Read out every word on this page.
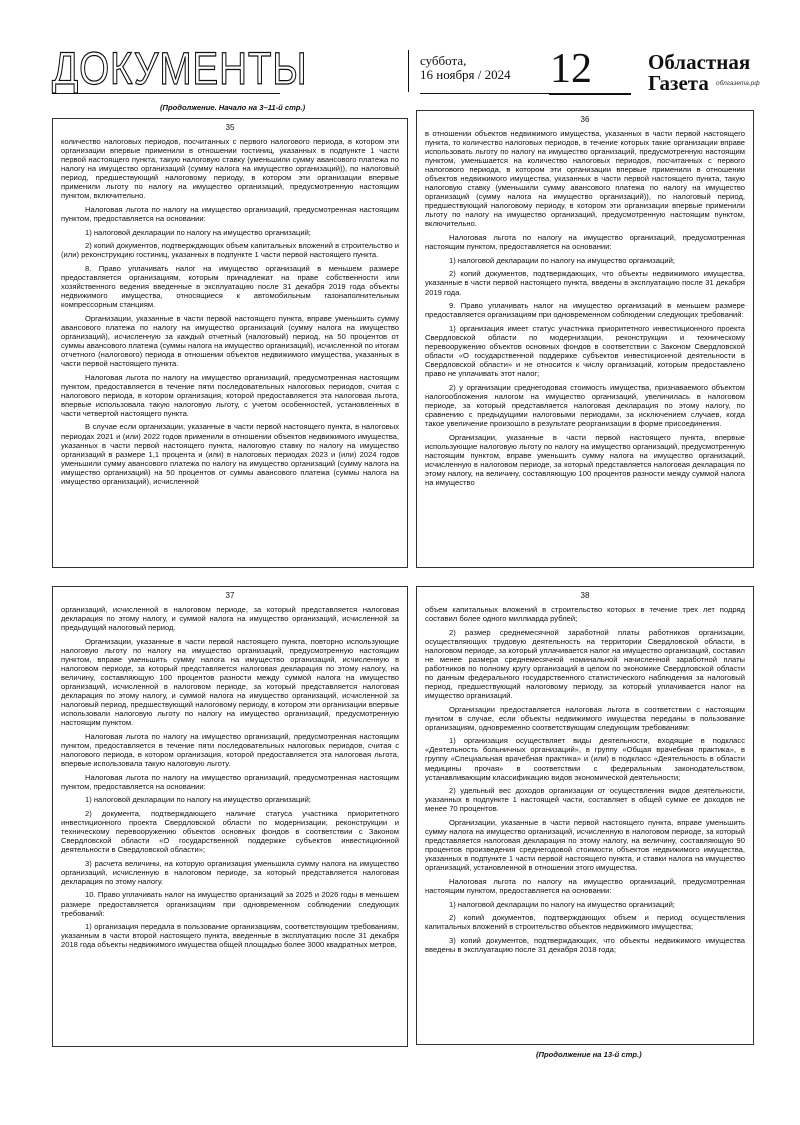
ДОКУМЕНТЫ	суббота,
16 ноября / 2024 12	Областная
Газета	облгазета.рф
(Продолжение. Начало на 3–11-й стр.)
35

количество налоговых периодов, посчитанных с первого налогового периода, в котором эти организации впервые применили в отношении гостиниц, указанных в подпункте 1 части первой настоящего пункта, такую налоговую ставку (уменьшили сумму авансового платежа по налогу на имущество организаций (сумму налога на имущество организаций)), по налоговый период, предшествующий налоговому периоду, в котором эти организации впервые применили льготу по налогу на имущество организаций, предусмотренную настоящим пунктом, включительно.

Налоговая льгота по налогу на имущество организаций, предусмотренная настоящим пунктом, предоставляется на основании:

1) налоговой декларации по налогу на имущество организаций;

2) копий документов, подтверждающих объем капитальных вложений в строительство и (или) реконструкцию гостиниц, указанных в подпункте 1 части первой настоящего пункта.

8. Право уплачивать налог на имущество организаций в меньшем размере предоставляется организациям, которым принадлежат на праве собственности или хозяйственного ведения введенные в эксплуатацию после 31 декабря 2019 года объекты недвижимого имущества, относящиеся к автомобильным газонаполнительным компрессорным станциям.

Организации, указанные в части первой настоящего пункта, вправе уменьшить сумму авансового платежа по налогу на имущество организаций (сумму налога на имущество организаций), исчисленную за каждый отчетный (налоговый) период, на 50 процентов от суммы авансового платежа (суммы налога на имущество организаций), исчисленной по итогам отчетного (налогового) периода в отношении объектов недвижимого имущества, указанных в части первой настоящего пункта.

Налоговая льгота по налогу на имущество организаций, предусмотренная настоящим пунктом, предоставляется в течение пяти последовательных налоговых периодов, считая с налогового периода, в котором организация, которой предоставляется эта налоговая льгота, впервые использовала такую налоговую льготу, с учетом особенностей, установленных в части четвертой настоящего пункта.

В случае если организации, указанные в части первой настоящего пункта, в налоговых периодах 2021 и (или) 2022 годов применили в отношении объектов недвижимого имущества, указанных в части первой настоящего пункта, налоговую ставку по налогу на имущество организаций в размере 1,1 процента и (или) в налоговых периодах 2023 и (или) 2024 годов уменьшили сумму авансового платежа по налогу на имущество организаций (сумму налога на имущество организаций) на 50 процентов от суммы авансового платежа (суммы налога на имущество организаций), исчисленной

36

в отношении объектов недвижимого имущества, указанных в части первой настоящего пункта, то количество налоговых периодов, в течение которых такие организации вправе использовать льготу по налогу на имущество организаций, предусмотренную настоящим пунктом, уменьшается на количество налоговых периодов, посчитанных с первого налогового периода, в котором эти организации впервые применили в отношении объектов недвижимого имущества, указанных в части первой настоящего пункта, такую налоговую ставку (уменьшили сумму авансового платежа по налогу на имущество организаций (сумму налога на имущество организаций)), по налоговый период, предшествующий налоговому периоду, в котором эти организации впервые применили льготу по налогу на имущество организаций, предусмотренную настоящим пунктом, включительно.

Налоговая льгота по налогу на имущество организаций, предусмотренная настоящим пунктом, предоставляется на основании:

1) налоговой декларации по налогу на имущество организаций;

2) копий документов, подтверждающих, что объекты недвижимого имущества, указанные в части первой настоящего пункта, введены в эксплуатацию после 31 декабря 2019 года.

9. Право уплачивать налог на имущество организаций в меньшем размере предоставляется организациям при одновременном соблюдении следующих требований:

1) организация имеет статус участника приоритетного инвестиционного проекта Свердловской области по модернизации, реконструкции и техническому перевооружению объектов основных фондов в соответствии с Законом Свердловской области «О государственной поддержке субъектов инвестиционной деятельности в Свердловской области» и не относится к числу организаций, которым предоставлено право не уплачивать этот налог;

2) у организации среднегодовая стоимость имущества, признаваемого объектом налогообложения налогом на имущество организаций, увеличилась в налоговом периоде, за который представляется налоговая декларация по этому налогу, по сравнению с предыдущими налоговыми периодами, за исключением случаев, когда такое увеличение произошло в результате реорганизации в форме присоединения.

Организации, указанные в части первой настоящего пункта, впервые использующие налоговую льготу по налогу на имущество организаций, предусмотренную настоящим пунктом, вправе уменьшить сумму налога на имущество организаций, исчисленную в налоговом периоде, за который представляется налоговая декларация по этому налогу, на величину, составляющую 100 процентов разности между суммой налога на имущество

37

организаций, исчисленной в налоговом периоде, за который представляется налоговая декларация по этому налогу, и суммой налога на имущество организаций, исчисленной за предыдущий налоговый период.

Организации, указанные в части первой настоящего пункта, повторно использующие налоговую льготу по налогу на имущество организаций, предусмотренную настоящим пунктом, вправе уменьшить сумму налога на имущество организаций, исчисленную в налоговом периоде, за который представляется налоговая декларация по этому налогу, на величину, составляющую 100 процентов разности между суммой налога на имущество организаций, исчисленной в налоговом периоде, за который представляется налоговая декларация по этому налогу, и суммой налога на имущество организаций, исчисленной за налоговый период, предшествующий налоговому периоду, в котором эти организации впервые использовали налоговую льготу по налогу на имущество организаций, предусмотренную настоящим пунктом.

Налоговая льгота по налогу на имущество организаций, предусмотренная настоящим пунктом, предоставляется в течение пяти последовательных налоговых периодов, считая с налогового периода, в котором организация, которой предоставляется эта налоговая льгота, впервые использовала такую налоговую льготу.

Налоговая льгота по налогу на имущество организаций, предусмотренная настоящим пунктом, предоставляется на основании:

1) налоговой декларации по налогу на имущество организаций;

2) документа, подтверждающего наличие статуса участника приоритетного инвестиционного проекта Свердловской области по модернизации, реконструкции и техническому перевооружению объектов основных фондов в соответствии с Законом Свердловской области «О государственной поддержке субъектов инвестиционной деятельности в Свердловской области»;

3) расчета величины, на которую организация уменьшила сумму налога на имущество организаций, исчисленную в налоговом периоде, за который представляется налоговая декларация по этому налогу.

10. Право уплачивать налог на имущество организаций за 2025 и 2026 годы в меньшем размере предоставляется организациям при одновременном соблюдении следующих требований:

1) организация передала в пользование организациям, соответствующим требованиям, указанным в части второй настоящего пункта, введенные в эксплуатацию после 31 декабря 2018 года объекты недвижимого имущества общей площадью более 3000 квадратных метров,

38

объем капитальных вложений в строительство которых в течение трех лет подряд составил более одного миллиарда рублей;

2) размер среднемесячной заработной платы работников организации, осуществляющих трудовую деятельность на территории Свердловской области, в налоговом периоде, за который уплачивается налог на имущество организаций, составил не менее размера среднемесячной номинальной начисленной заработной платы работников по полному кругу организаций в целом по экономике Свердловской области по данным федерального государственного статистического наблюдения за налоговый период, предшествующий налоговому периоду, за который уплачивается налог на имущество организаций.

Организации предоставляется налоговая льгота в соответствии с настоящим пунктом в случае, если объекты недвижимого имущества переданы в пользование организациям, одновременно соответствующим следующим требованиям:

1) организация осуществляет виды деятельности, входящие в подкласс «Деятельность больничных организаций», в группу «Общая врачебная практика», в группу «Специальная врачебная практика» и (или) в подкласс «Деятельность в области медицины прочая» в соответствии с федеральным законодательством, устанавливающим классификацию видов экономической деятельности;

2) удельный вес доходов организации от осуществления видов деятельности, указанных в подпункте 1 настоящей части, составляет в общей сумме ее доходов не менее 70 процентов.

Организации, указанные в части первой настоящего пункта, вправе уменьшить сумму налога на имущество организаций, исчисленную в налоговом периоде, за который представляется налоговая декларация по этому налогу, на величину, составляющую 90 процентов произведения среднегодовой стоимости объектов недвижимого имущества, указанных в подпункте 1 части первой настоящего пункта, и ставки налога на имущество организаций, установленной в отношении этого имущества.

Налоговая льгота по налогу на имущество организаций, предусмотренная настоящим пунктом, предоставляется на основании:

1) налоговой декларации по налогу на имущество организаций;

2) копий документов, подтверждающих объем и период осуществления капитальных вложений в строительство объектов недвижимого имущества;

3) копий документов, подтверждающих, что объекты недвижимого имущества введены в эксплуатацию после 31 декабря 2018 года;

(Продолжение на 13-й стр.)
